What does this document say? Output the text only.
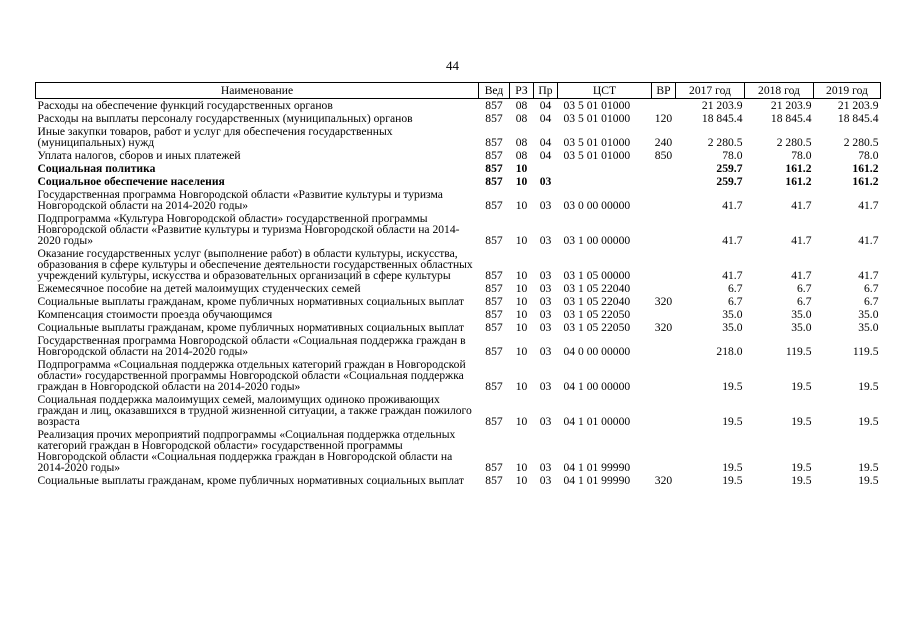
44
Наименование	Вед	РЗ	Пр	ЦСТ	ВР	2017 год	2018 год	2019 год
Расходы на обеспечение функций государственных органов	857	08	04	03 5 01 01000		21 203.9	21 203.9	21 203.9
Расходы на выплаты персоналу государственных (муниципальных) органов	857	08	04	03 5 01 01000	120	18 845.4	18 845.4	18 845.4
Иные закупки товаров, работ и услуг для обеспечения государственных (муниципальных) нужд	857	08	04	03 5 01 01000	240	2 280.5	2 280.5	2 280.5
Уплата налогов, сборов и иных платежей	857	08	04	03 5 01 01000	850	78.0	78.0	78.0
Социальная политика	857	10				259.7	161.2	161.2
Социальное обеспечение населения	857	10	03			259.7	161.2	161.2
Государственная программа Новгородской области «Развитие культуры и туризма Новгородской области на 2014-2020 годы»	857	10	03	03 0 00 00000		41.7	41.7	41.7
Подпрограмма «Культура Новгородской области» государственной программы Новгородской области «Развитие культуры и туризма Новгородской области на 2014-2020 годы»	857	10	03	03 1 00 00000		41.7	41.7	41.7
Оказание государственных услуг (выполнение работ) в области культуры, искусства, образования в сфере культуры и обеспечение деятельности государственных областных учреждений культуры, искусства и образовательных организаций в сфере культуры	857	10	03	03 1 05 00000		41.7	41.7	41.7
Ежемесячное пособие на детей малоимущих студенческих семей	857	10	03	03 1 05 22040		6.7	6.7	6.7
Социальные выплаты гражданам, кроме публичных нормативных социальных выплат	857	10	03	03 1 05 22040	320	6.7	6.7	6.7
Компенсация стоимости проезда обучающимся	857	10	03	03 1 05 22050		35.0	35.0	35.0
Социальные выплаты гражданам, кроме публичных нормативных социальных выплат	857	10	03	03 1 05 22050	320	35.0	35.0	35.0
Государственная программа Новгородской области «Социальная поддержка граждан в Новгородской области на 2014-2020 годы»	857	10	03	04 0 00 00000		218.0	119.5	119.5
Подпрограмма «Социальная поддержка отдельных категорий граждан в Новгородской области» государственной программы Новгородской области «Социальная поддержка граждан в Новгородской области на 2014-2020 годы»	857	10	03	04 1 00 00000		19.5	19.5	19.5
Социальная поддержка малоимущих семей, малоимущих одиноко проживающих граждан и лиц, оказавшихся в трудной жизненной ситуации, а также граждан пожилого возраста	857	10	03	04 1 01 00000		19.5	19.5	19.5
Реализация прочих мероприятий подпрограммы «Социальная поддержка отдельных категорий граждан в Новгородской области» государственной программы Новгородской области «Социальная поддержка граждан в Новгородской области на 2014-2020 годы»	857	10	03	04 1 01 99990		19.5	19.5	19.5
Социальные выплаты гражданам, кроме публичных нормативных социальных выплат	857	10	03	04 1 01 99990	320	19.5	19.5	19.5
